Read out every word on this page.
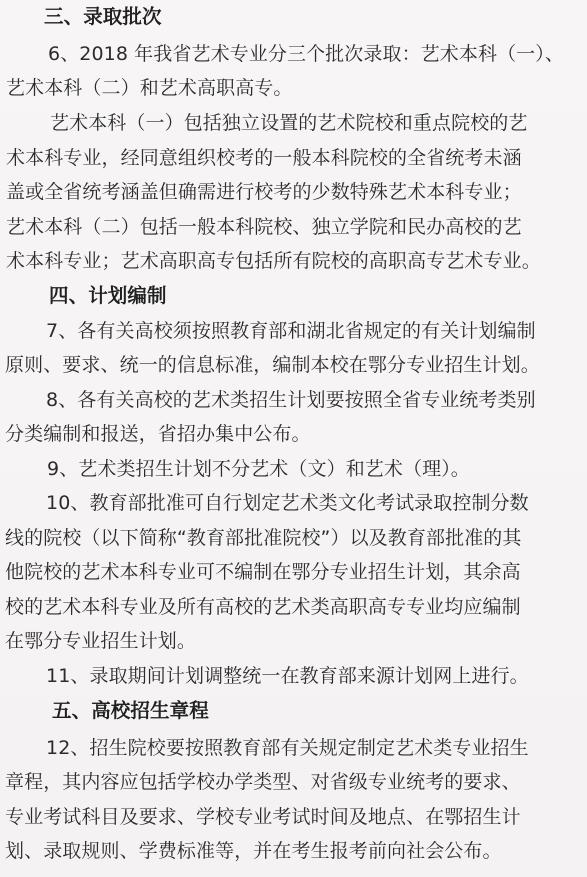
三、录取批次
6、2018 年我省艺术专业分三个批次录取：艺术本科（一）、
艺术本科（二）和艺术高职高专。
艺术本科（一）包括独立设置的艺术院校和重点院校的艺
术本科专业，经同意组织校考的一般本科院校的全省统考未涵
盖或全省统考涵盖但确需进行校考的少数特殊艺术本科专业；
艺术本科（二）包括一般本科院校、独立学院和民办高校的艺
术本科专业；艺术高职高专包括所有院校的高职高专艺术专业。
四、计划编制
7、各有关高校须按照教育部和湖北省规定的有关计划编制
原则、要求、统一的信息标准，编制本校在鄂分专业招生计划。
8、各有关高校的艺术类招生计划要按照全省专业统考类别
分类编制和报送，省招办集中公布。
9、艺术类招生计划不分艺术（文）和艺术（理）。
10、教育部批准可自行划定艺术类文化考试录取控制分数
线的院校（以下简称“教育部批准院校”）以及教育部批准的其
他院校的艺术本科专业可不编制在鄂分专业招生计划，其余高
校的艺术本科专业及所有高校的艺术类高职高专专业均应编制
在鄂分专业招生计划。
11、录取期间计划调整统一在教育部来源计划网上进行。
五、高校招生章程
12、招生院校要按照教育部有关规定制定艺术类专业招生
章程，其内容应包括学校办学类型、对省级专业统考的要求、
专业考试科目及要求、学校专业考试时间及地点、在鄂招生计
划、录取规则、学费标准等，并在考生报考前向社会公布。
